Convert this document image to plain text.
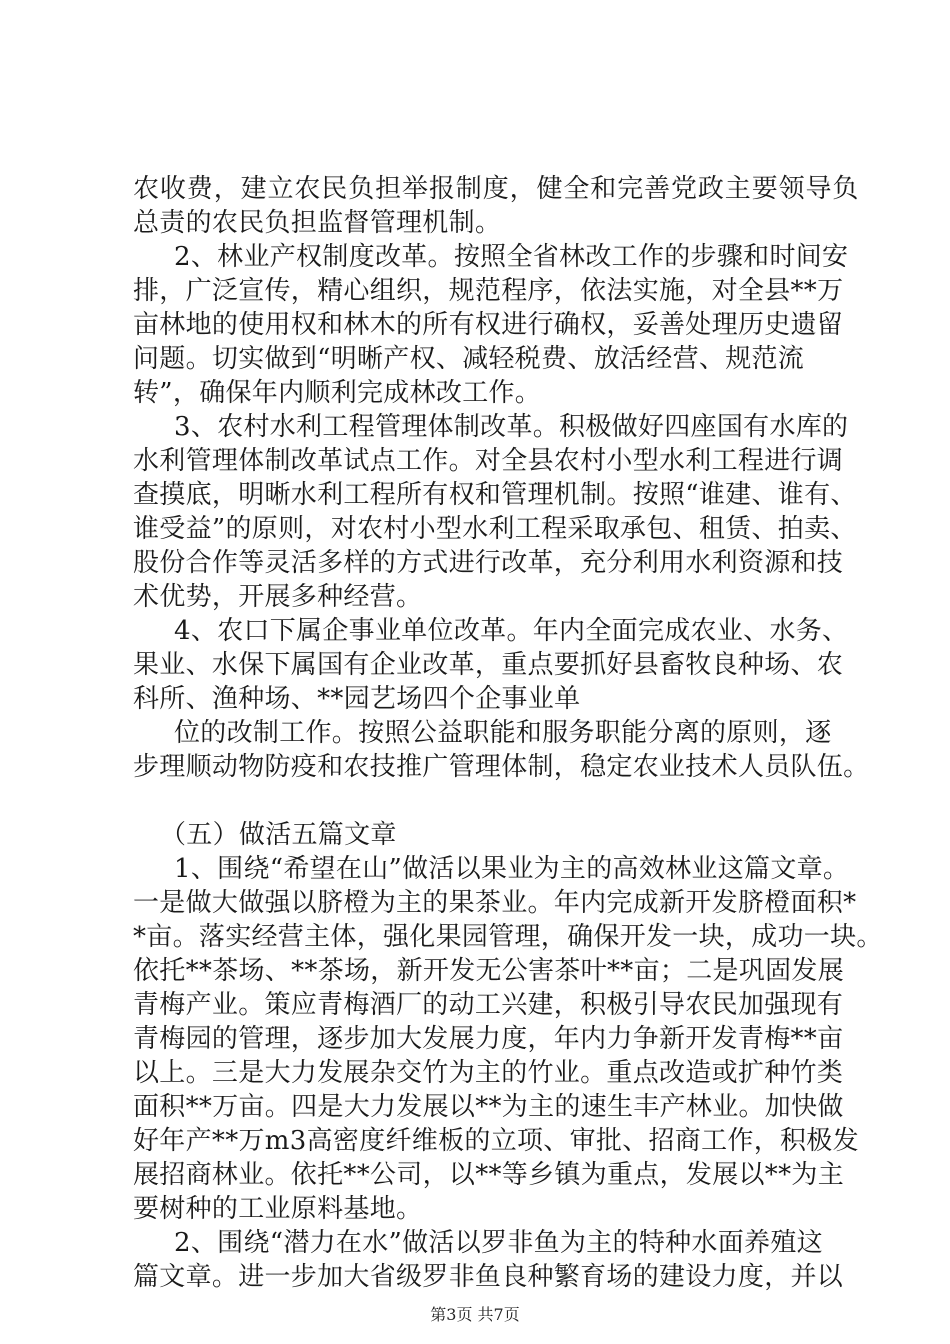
农收费，建立农民负担举报制度，健全和完善党政主要领导负
总责的农民负担监督管理机制。
2、林业产权制度改革。按照全省林改工作的步骤和时间安
排，广泛宣传，精心组织，规范程序，依法实施，对全县**万
亩林地的使用权和林木的所有权进行确权，妥善处理历史遗留
问题。切实做到“明晰产权、减轻税费、放活经营、规范流
转”，确保年内顺利完成林改工作。
3、农村水利工程管理体制改革。积极做好四座国有水库的
水利管理体制改革试点工作。对全县农村小型水利工程进行调
查摸底，明晰水利工程所有权和管理机制。按照“谁建、谁有、
谁受益”的原则，对农村小型水利工程采取承包、租赁、拍卖、
股份合作等灵活多样的方式进行改革，充分利用水利资源和技
术优势，开展多种经营。
4、农口下属企事业单位改革。年内全面完成农业、水务、
果业、水保下属国有企业改革，重点要抓好县畜牧良种场、农
科所、渔种场、**园艺场四个企事业单
位的改制工作。按照公益职能和服务职能分离的原则，逐
步理顺动物防疫和农技推广管理体制，稳定农业技术人员队伍。
（五）做活五篇文章
1、围绕“希望在山”做活以果业为主的高效林业这篇文章。
一是做大做强以脐橙为主的果茶业。年内完成新开发脐橙面积*
*亩。落实经营主体，强化果园管理，确保开发一块，成功一块。
依托**茶场、**茶场，新开发无公害茶叶**亩；二是巩固发展
青梅产业。策应青梅酒厂的动工兴建，积极引导农民加强现有
青梅园的管理，逐步加大发展力度，年内力争新开发青梅**亩
以上。三是大力发展杂交竹为主的竹业。重点改造或扩种竹类
面积**万亩。四是大力发展以**为主的速生丰产林业。加快做
好年产**万m3高密度纤维板的立项、审批、招商工作，积极发
展招商林业。依托**公司，以**等乡镇为重点，发展以**为主
要树种的工业原料基地。
2、围绕“潜力在水”做活以罗非鱼为主的特种水面养殖这
篇文章。进一步加大省级罗非鱼良种繁育场的建设力度，并以
第3页 共7页
